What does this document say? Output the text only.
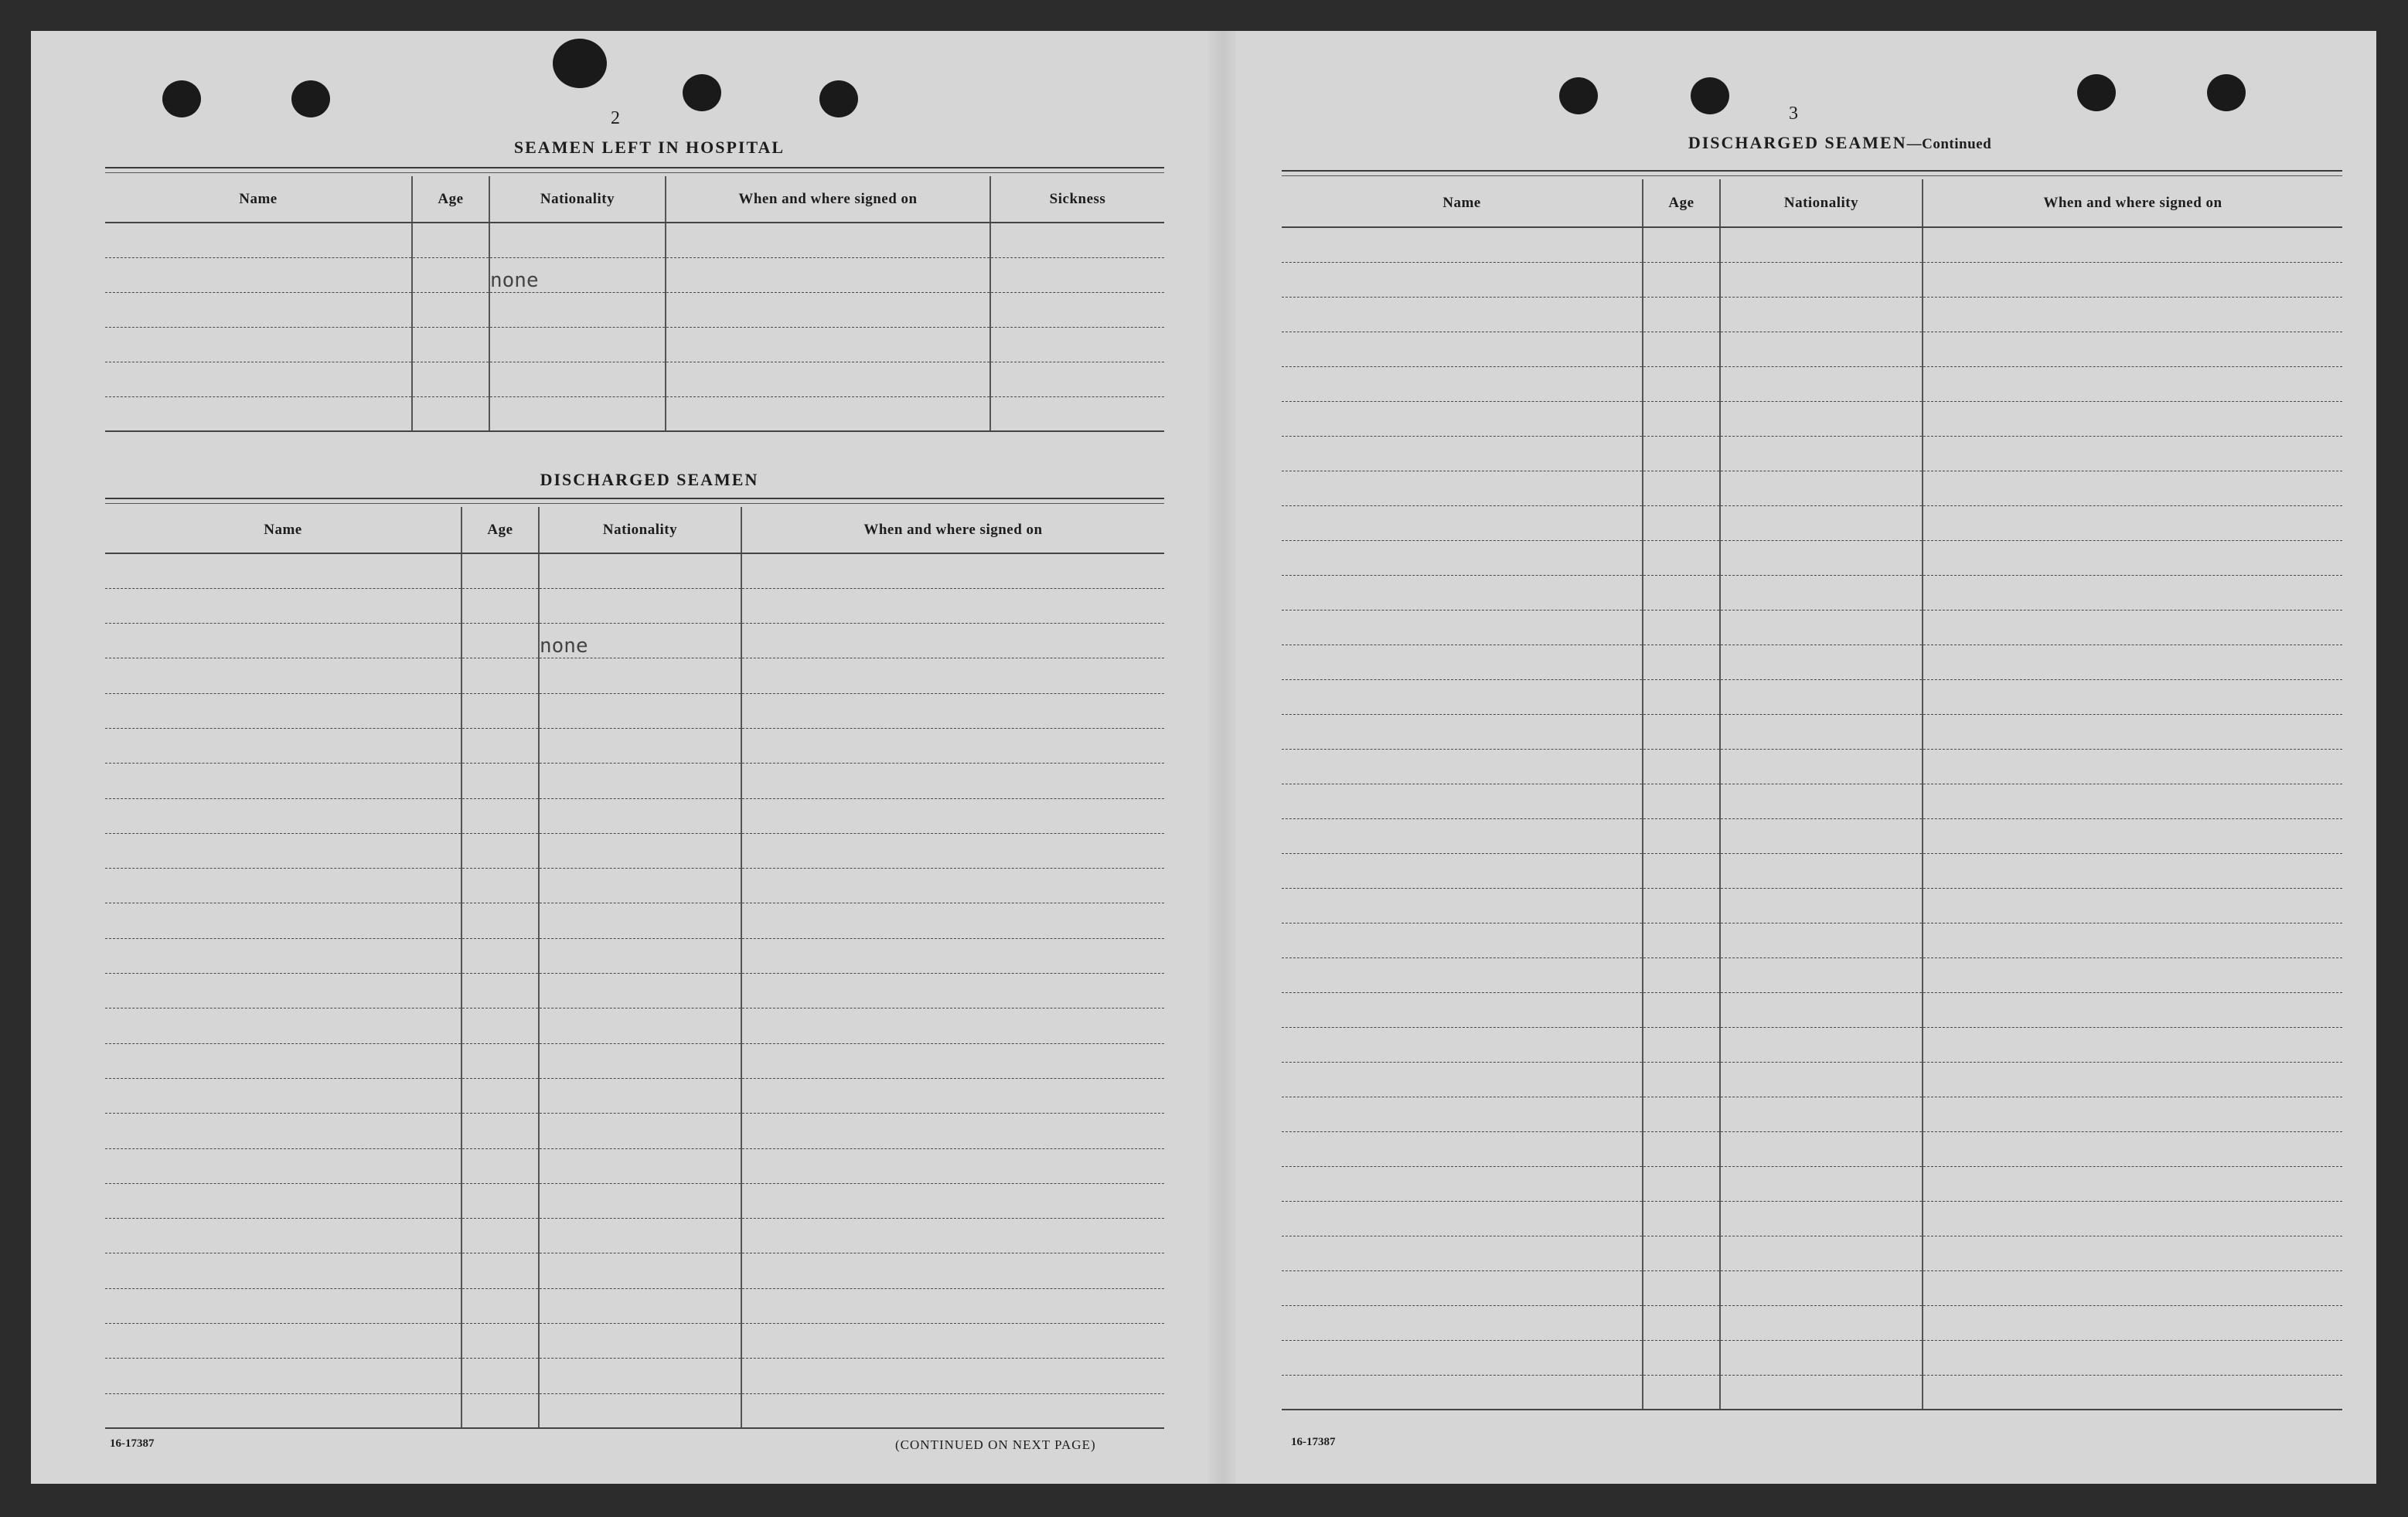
2
SEAMEN LEFT IN HOSPITAL
Name	Age	Nationality	When and where signed on	Sickness

		none		

DISCHARGED SEAMEN
Name	Age	Nationality	When and where signed on

		none	

16-17387	(CONTINUED ON NEXT PAGE)
3
DISCHARGED SEAMEN—Continued
Name	Age	Nationality	When and where signed on

16-17387
